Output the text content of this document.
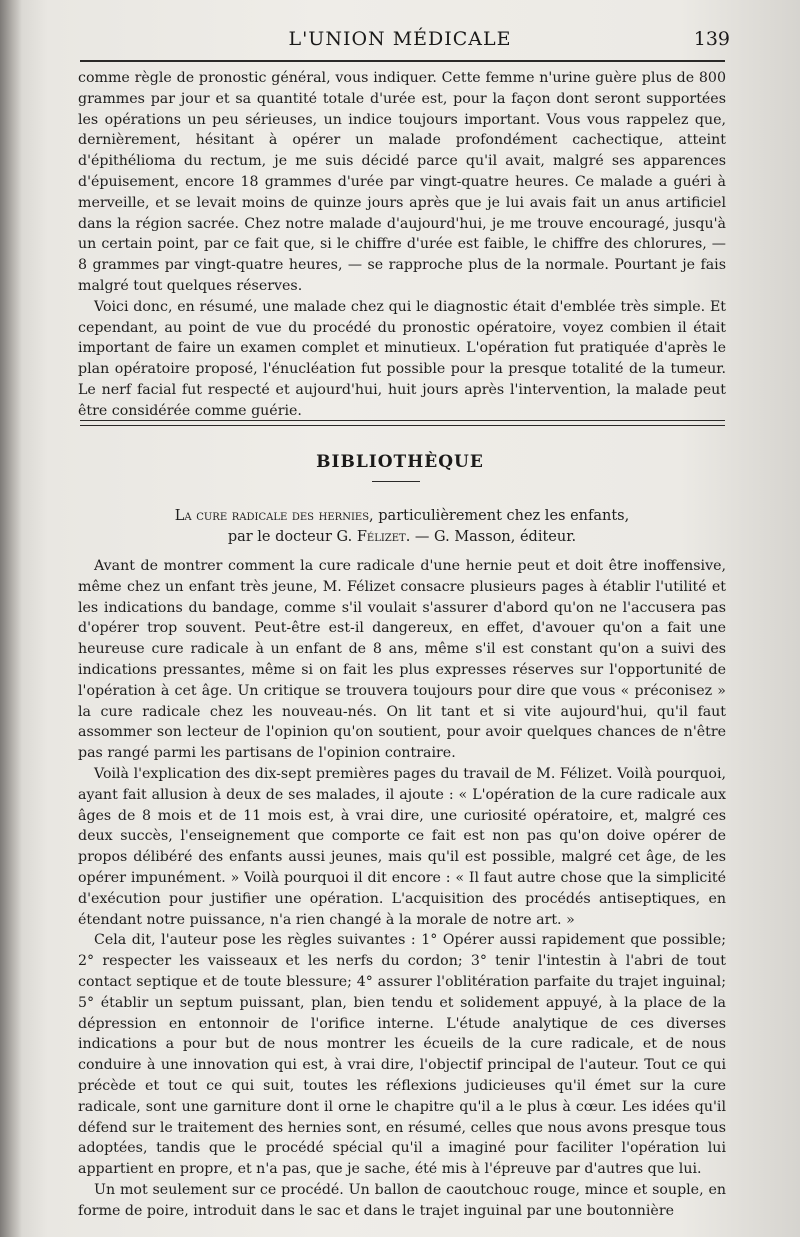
L'UNION MÉDICALE	139

comme règle de pronostic général, vous indiquer. Cette femme n'urine guère plus de 800 grammes par jour et sa quantité totale d'urée est, pour la façon dont seront supportées les opérations un peu sérieuses, un indice toujours important. Vous vous rappelez que, dernièrement, hésitant à opérer un malade profondément cachectique, atteint d'épithélioma du rectum, je me suis décidé parce qu'il avait, malgré ses apparences d'épuisement, encore 18 grammes d'urée par vingt-quatre heures. Ce malade a guéri à merveille, et se levait moins de quinze jours après que je lui avais fait un anus artificiel dans la région sacrée. Chez notre malade d'aujourd'hui, je me trouve encouragé, jusqu'à un certain point, par ce fait que, si le chiffre d'urée est faible, le chiffre des chlorures, — 8 grammes par vingt-quatre heures, — se rapproche plus de la normale. Pourtant je fais malgré tout quelques réserves.

Voici donc, en résumé, une malade chez qui le diagnostic était d'emblée très simple. Et cependant, au point de vue du procédé du pronostic opératoire, voyez combien il était important de faire un examen complet et minutieux. L'opération fut pratiquée d'après le plan opératoire proposé, l'énucléation fut possible pour la presque totalité de la tumeur. Le nerf facial fut respecté et aujourd'hui, huit jours après l'intervention, la malade peut être considérée comme guérie.

BIBLIOTHÈQUE
La cure radicale des hernies, particulièrement chez les enfants,
par le docteur G. Félizet. — G. Masson, éditeur.

Avant de montrer comment la cure radicale d'une hernie peut et doit être inoffensive, même chez un enfant très jeune, M. Félizet consacre plusieurs pages à établir l'utilité et les indications du bandage, comme s'il voulait s'assurer d'abord qu'on ne l'accusera pas d'opérer trop souvent. Peut-être est-il dangereux, en effet, d'avouer qu'on a fait une heureuse cure radicale à un enfant de 8 ans, même s'il est constant qu'on a suivi des indications pressantes, même si on fait les plus expresses réserves sur l'opportunité de l'opération à cet âge. Un critique se trouvera toujours pour dire que vous « préconisez » la cure radicale chez les nouveau-nés. On lit tant et si vite aujourd'hui, qu'il faut assommer son lecteur de l'opinion qu'on soutient, pour avoir quelques chances de n'être pas rangé parmi les partisans de l'opinion contraire.

Voilà l'explication des dix-sept premières pages du travail de M. Félizet. Voilà pourquoi, ayant fait allusion à deux de ses malades, il ajoute : « L'opération de la cure radicale aux âges de 8 mois et de 11 mois est, à vrai dire, une curiosité opératoire, et, malgré ces deux succès, l'enseignement que comporte ce fait est non pas qu'on doive opérer de propos délibéré des enfants aussi jeunes, mais qu'il est possible, malgré cet âge, de les opérer impunément. » Voilà pourquoi il dit encore : « Il faut autre chose que la simplicité d'exécution pour justifier une opération. L'acquisition des procédés antiseptiques, en étendant notre puissance, n'a rien changé à la morale de notre art. »

Cela dit, l'auteur pose les règles suivantes : 1° Opérer aussi rapidement que possible; 2° respecter les vaisseaux et les nerfs du cordon; 3° tenir l'intestin à l'abri de tout contact septique et de toute blessure; 4° assurer l'oblitération parfaite du trajet inguinal; 5° établir un septum puissant, plan, bien tendu et solidement appuyé, à la place de la dépression en entonnoir de l'orifice interne. L'étude analytique de ces diverses indications a pour but de nous montrer les écueils de la cure radicale, et de nous conduire à une innovation qui est, à vrai dire, l'objectif principal de l'auteur. Tout ce qui précède et tout ce qui suit, toutes les réflexions judicieuses qu'il émet sur la cure radicale, sont une garniture dont il orne le chapitre qu'il a le plus à cœur. Les idées qu'il défend sur le traitement des hernies sont, en résumé, celles que nous avons presque tous adoptées, tandis que le procédé spécial qu'il a imaginé pour faciliter l'opération lui appartient en propre, et n'a pas, que je sache, été mis à l'épreuve par d'autres que lui.

Un mot seulement sur ce procédé. Un ballon de caoutchouc rouge, mince et souple, en forme de poire, introduit dans le sac et dans le trajet inguinal par une boutonnière
